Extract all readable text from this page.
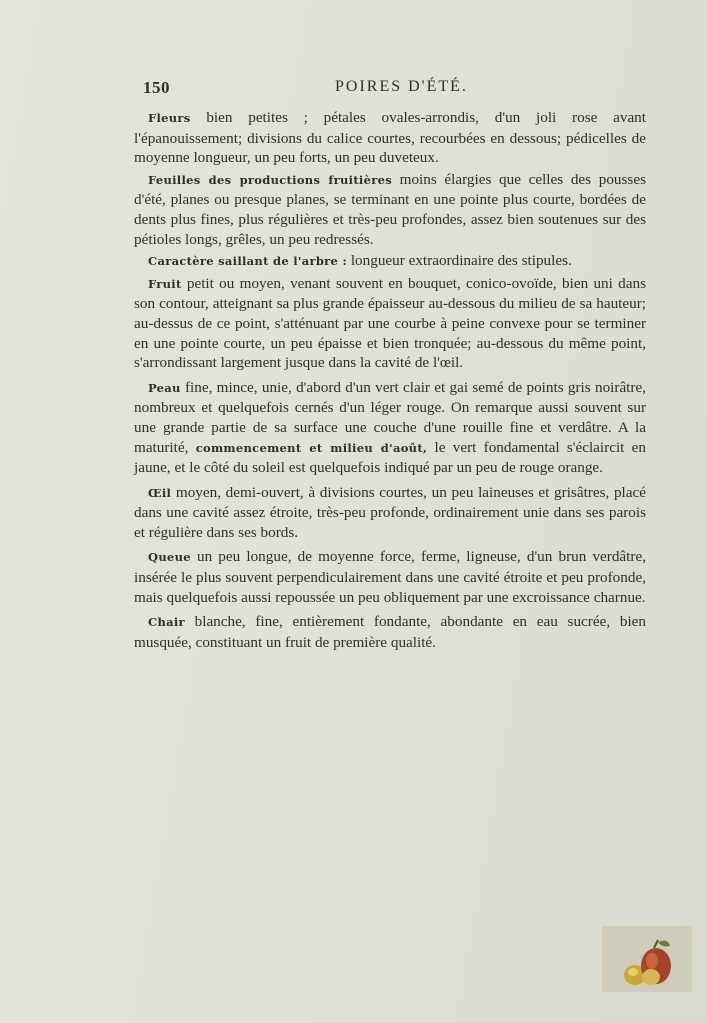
150	POIRES D'ÉTÉ.

Fleurs bien petites ; pétales ovales-arrondis, d'un joli rose avant l'épanouissement; divisions du calice courtes, recourbées en dessous; pédicelles de moyenne longueur, un peu forts, un peu duveteux.

Feuilles des productions fruitières moins élargies que celles des pousses d'été, planes ou presque planes, se terminant en une pointe plus courte, bordées de dents plus fines, plus régulières et très-peu profondes, assez bien soutenues sur des pétioles longs, grêles, un peu redressés.

Caractère saillant de l'arbre : longueur extraordinaire des stipules.

Fruit petit ou moyen, venant souvent en bouquet, conico-ovoïde, bien uni dans son contour, atteignant sa plus grande épaisseur au-dessous du milieu de sa hauteur; au-dessus de ce point, s'atténuant par une courbe à peine convexe pour se terminer en une pointe courte, un peu épaisse et bien tronquée; au-dessous du même point, s'arrondissant largement jusque dans la cavité de l'œil.

Peau fine, mince, unie, d'abord d'un vert clair et gai semé de points gris noirâtre, nombreux et quelquefois cernés d'un léger rouge. On remarque aussi souvent sur une grande partie de sa surface une couche d'une rouille fine et verdâtre. A la maturité, commencement et milieu d'août, le vert fondamental s'éclaircit en jaune, et le côté du soleil est quelquefois indiqué par un peu de rouge orange.

Œil moyen, demi-ouvert, à divisions courtes, un peu laineuses et grisâtres, placé dans une cavité assez étroite, très-peu profonde, ordinairement unie dans ses parois et régulière dans ses bords.

Queue un peu longue, de moyenne force, ferme, ligneuse, d'un brun verdâtre, insérée le plus souvent perpendiculairement dans une cavité étroite et peu profonde, mais quelquefois aussi repoussée un peu obliquement par une excroissance charnue.

Chair blanche, fine, entièrement fondante, abondante en eau sucrée, bien musquée, constituant un fruit de première qualité.
